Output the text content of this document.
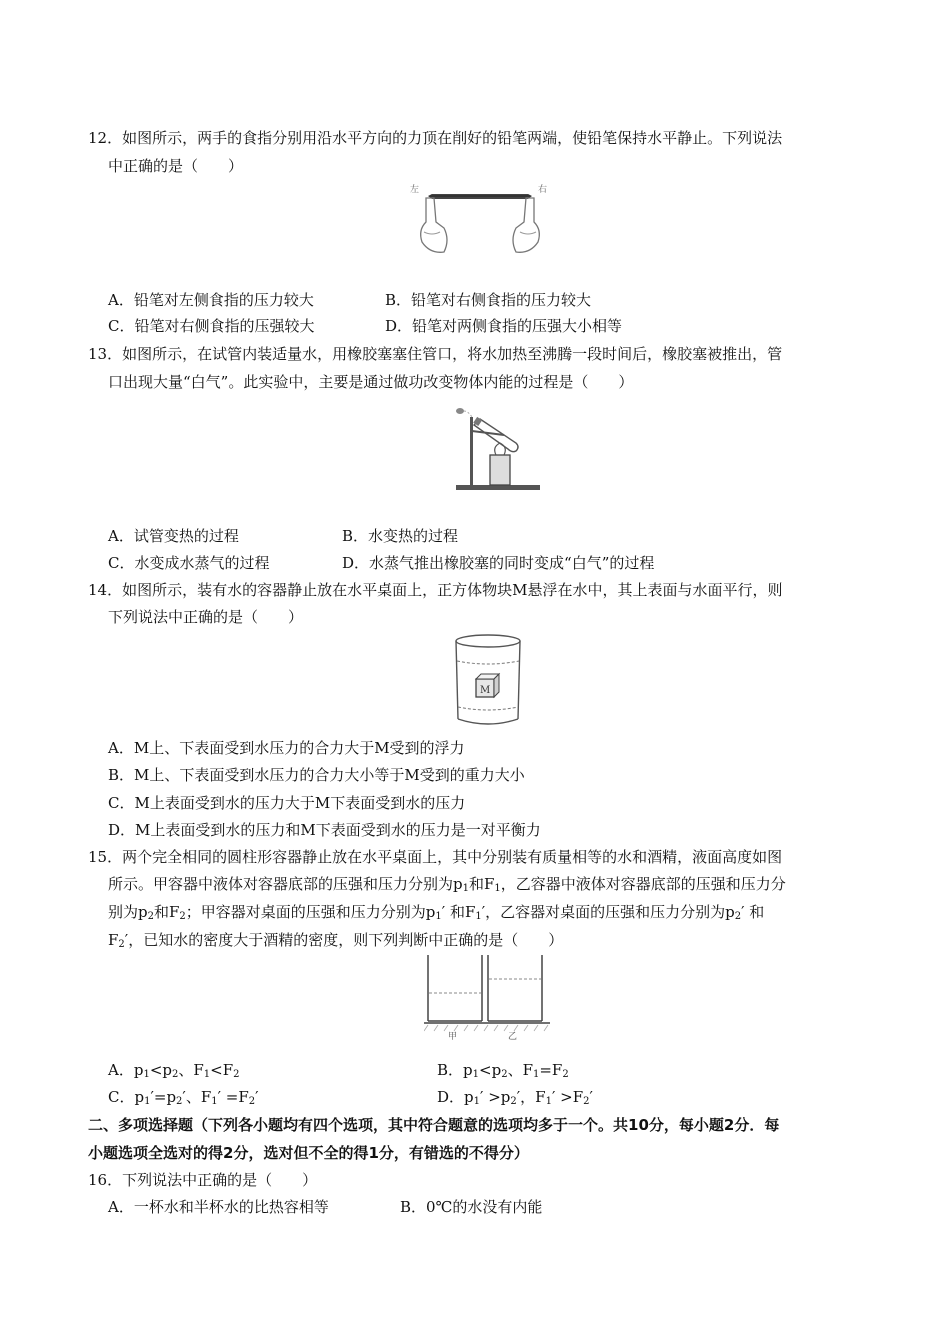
12．如图所示，两手的食指分别用沿水平方向的力顶在削好的铅笔两端，使铅笔保持水平静止。下列说法
中正确的是（　　）
左	右
A．铅笔对左侧食指的压力较大	B．铅笔对右侧食指的压力较大
C．铅笔对右侧食指的压强较大	D．铅笔对两侧食指的压强大小相等
13．如图所示，在试管内装适量水，用橡胶塞塞住管口，将水加热至沸腾一段时间后，橡胶塞被推出，管
口出现大量“白气”。此实验中，主要是通过做功改变物体内能的过程是（　　）
A．试管变热的过程	B．水变热的过程
C．水变成水蒸气的过程	D．水蒸气推出橡胶塞的同时变成“白气”的过程
14．如图所示，装有水的容器静止放在水平桌面上，正方体物块M悬浮在水中，其上表面与水面平行，则
下列说法中正确的是（　　）
M
A．M上、下表面受到水压力的合力大于M受到的浮力
B．M上、下表面受到水压力的合力大小等于M受到的重力大小
C．M上表面受到水的压力大于M下表面受到水的压力
D．M上表面受到水的压力和M下表面受到水的压力是一对平衡力
15．两个完全相同的圆柱形容器静止放在水平桌面上，其中分别装有质量相等的水和酒精，液面高度如图
所示。甲容器中液体对容器底部的压强和压力分别为$p_1$和$F_1$，乙容器中液体对容器底部的压强和压力分
别为$p_2$和$F_2$；甲容器对桌面的压强和压力分别为$p_1'$ 和$F_1'$，乙容器对桌面的压强和压力分别为$p_2'$ 和
$F_2'$，已知水的密度大于酒精的密度，则下列判断中正确的是（　　）
甲	乙
A．$p_1<p_2$、$F_1<F_2$	B．$p_1<p_2$、$F_1=F_2$
C．$p_1'=p_2'$、$F_1' =F_2'$	D．$p_1' >p_2'$，$F_1' >F_2'$
二、多项选择题（下列各小题均有四个选项，其中符合题意的选项均多于一个。共10分，每小题2分．每
小题选项全选对的得2分，选对但不全的得1分，有错选的不得分）
16．下列说法中正确的是（　　）
A．一杯水和半杯水的比热容相等	B．0℃的水没有内能
